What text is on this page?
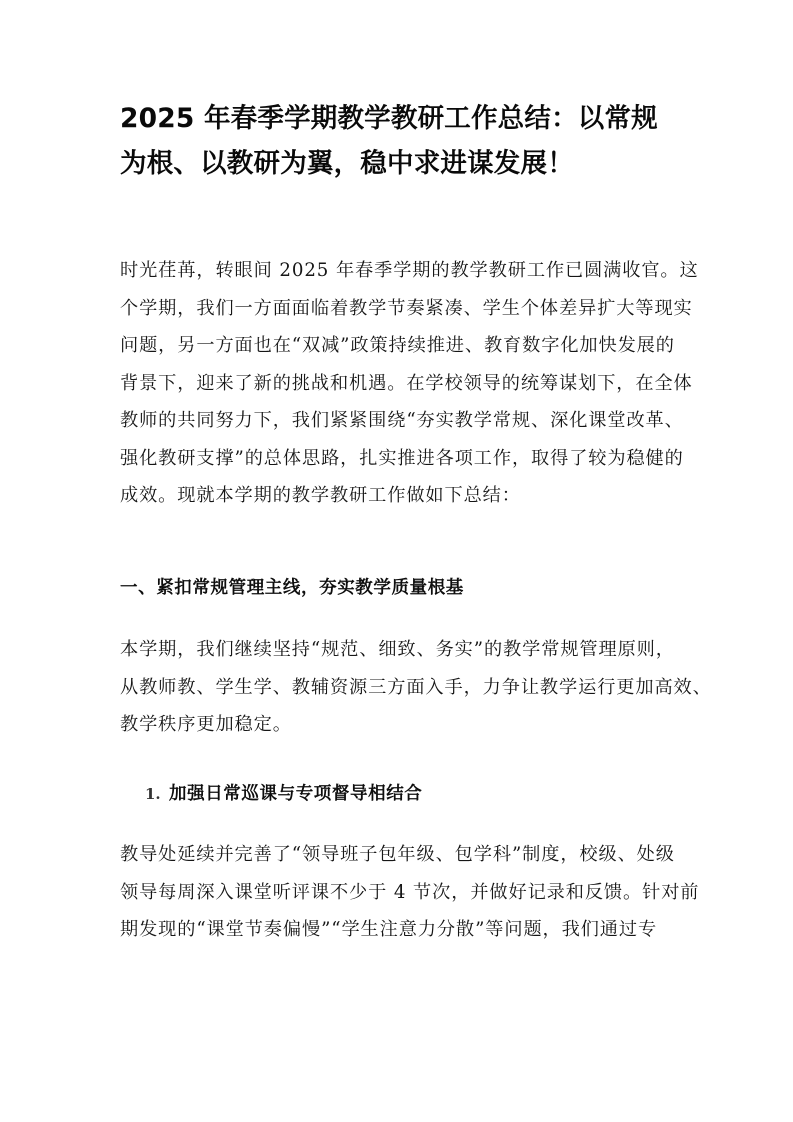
2025 年春季学期教学教研工作总结：以常规
为根、以教研为翼，稳中求进谋发展！

时光荏苒，转眼间 2025 年春季学期的教学教研工作已圆满收官。这
个学期，我们一方面面临着教学节奏紧凑、学生个体差异扩大等现实
问题，另一方面也在“双减”政策持续推进、教育数字化加快发展的
背景下，迎来了新的挑战和机遇。在学校领导的统筹谋划下，在全体
教师的共同努力下，我们紧紧围绕“夯实教学常规、深化课堂改革、
强化教研支撑”的总体思路，扎实推进各项工作，取得了较为稳健的
成效。现就本学期的教学教研工作做如下总结：

一、紧扣常规管理主线，夯实教学质量根基

本学期，我们继续坚持“规范、细致、务实”的教学常规管理原则，
从教师教、学生学、教辅资源三方面入手，力争让教学运行更加高效、
教学秩序更加稳定。

1. 加强日常巡课与专项督导相结合

教导处延续并完善了“领导班子包年级、包学科”制度，校级、处级
领导每周深入课堂听评课不少于 4 节次，并做好记录和反馈。针对前
期发现的“课堂节奏偏慢”“学生注意力分散”等问题，我们通过专
